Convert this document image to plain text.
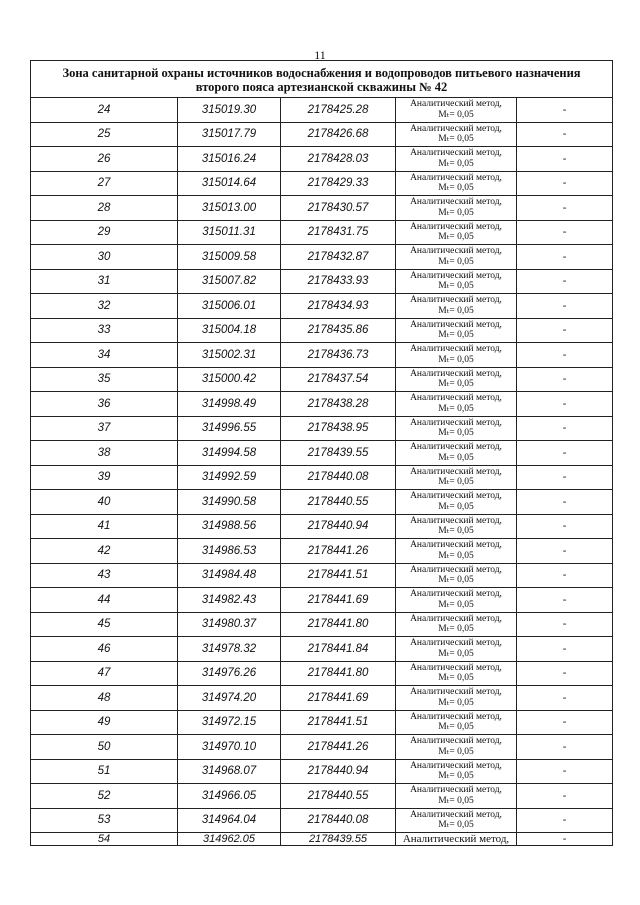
11
Зона санитарной охраны источников водоснабжения и водопроводов питьевого назначения
второго пояса артезианской скважины № 42				

24	315019.30	2178425.28	Аналитический метод,
Mₜ= 0,05	-
25	315017.79	2178426.68	Аналитический метод,
Mₜ= 0,05	-
26	315016.24	2178428.03	Аналитический метод,
Mₜ= 0,05	-
27	315014.64	2178429.33	Аналитический метод,
Mₜ= 0,05	-
28	315013.00	2178430.57	Аналитический метод,
Mₜ= 0,05	-
29	315011.31	2178431.75	Аналитический метод,
Mₜ= 0,05	-
30	315009.58	2178432.87	Аналитический метод,
Mₜ= 0,05	-
31	315007.82	2178433.93	Аналитический метод,
Mₜ= 0,05	-
32	315006.01	2178434.93	Аналитический метод,
Mₜ= 0,05	-
33	315004.18	2178435.86	Аналитический метод,
Mₜ= 0,05	-
34	315002.31	2178436.73	Аналитический метод,
Mₜ= 0,05	-
35	315000.42	2178437.54	Аналитический метод,
Mₜ= 0,05	-
36	314998.49	2178438.28	Аналитический метод,
Mₜ= 0,05	-
37	314996.55	2178438.95	Аналитический метод,
Mₜ= 0,05	-
38	314994.58	2178439.55	Аналитический метод,
Mₜ= 0,05	-
39	314992.59	2178440.08	Аналитический метод,
Mₜ= 0,05	-
40	314990.58	2178440.55	Аналитический метод,
Mₜ= 0,05	-
41	314988.56	2178440.94	Аналитический метод,
Mₜ= 0,05	-
42	314986.53	2178441.26	Аналитический метод,
Mₜ= 0,05	-
43	314984.48	2178441.51	Аналитический метод,
Mₜ= 0,05	-
44	314982.43	2178441.69	Аналитический метод,
Mₜ= 0,05	-
45	314980.37	2178441.80	Аналитический метод,
Mₜ= 0,05	-
46	314978.32	2178441.84	Аналитический метод,
Mₜ= 0,05	-
47	314976.26	2178441.80	Аналитический метод,
Mₜ= 0,05	-
48	314974.20	2178441.69	Аналитический метод,
Mₜ= 0,05	-
49	314972.15	2178441.51	Аналитический метод,
Mₜ= 0,05	-
50	314970.10	2178441.26	Аналитический метод,
Mₜ= 0,05	-
51	314968.07	2178440.94	Аналитический метод,
Mₜ= 0,05	-
52	314966.05	2178440.55	Аналитический метод,
Mₜ= 0,05	-
53	314964.04	2178440.08	Аналитический метод,
Mₜ= 0,05	-
54	314962.05	2178439.55	Аналитический метод,	-
